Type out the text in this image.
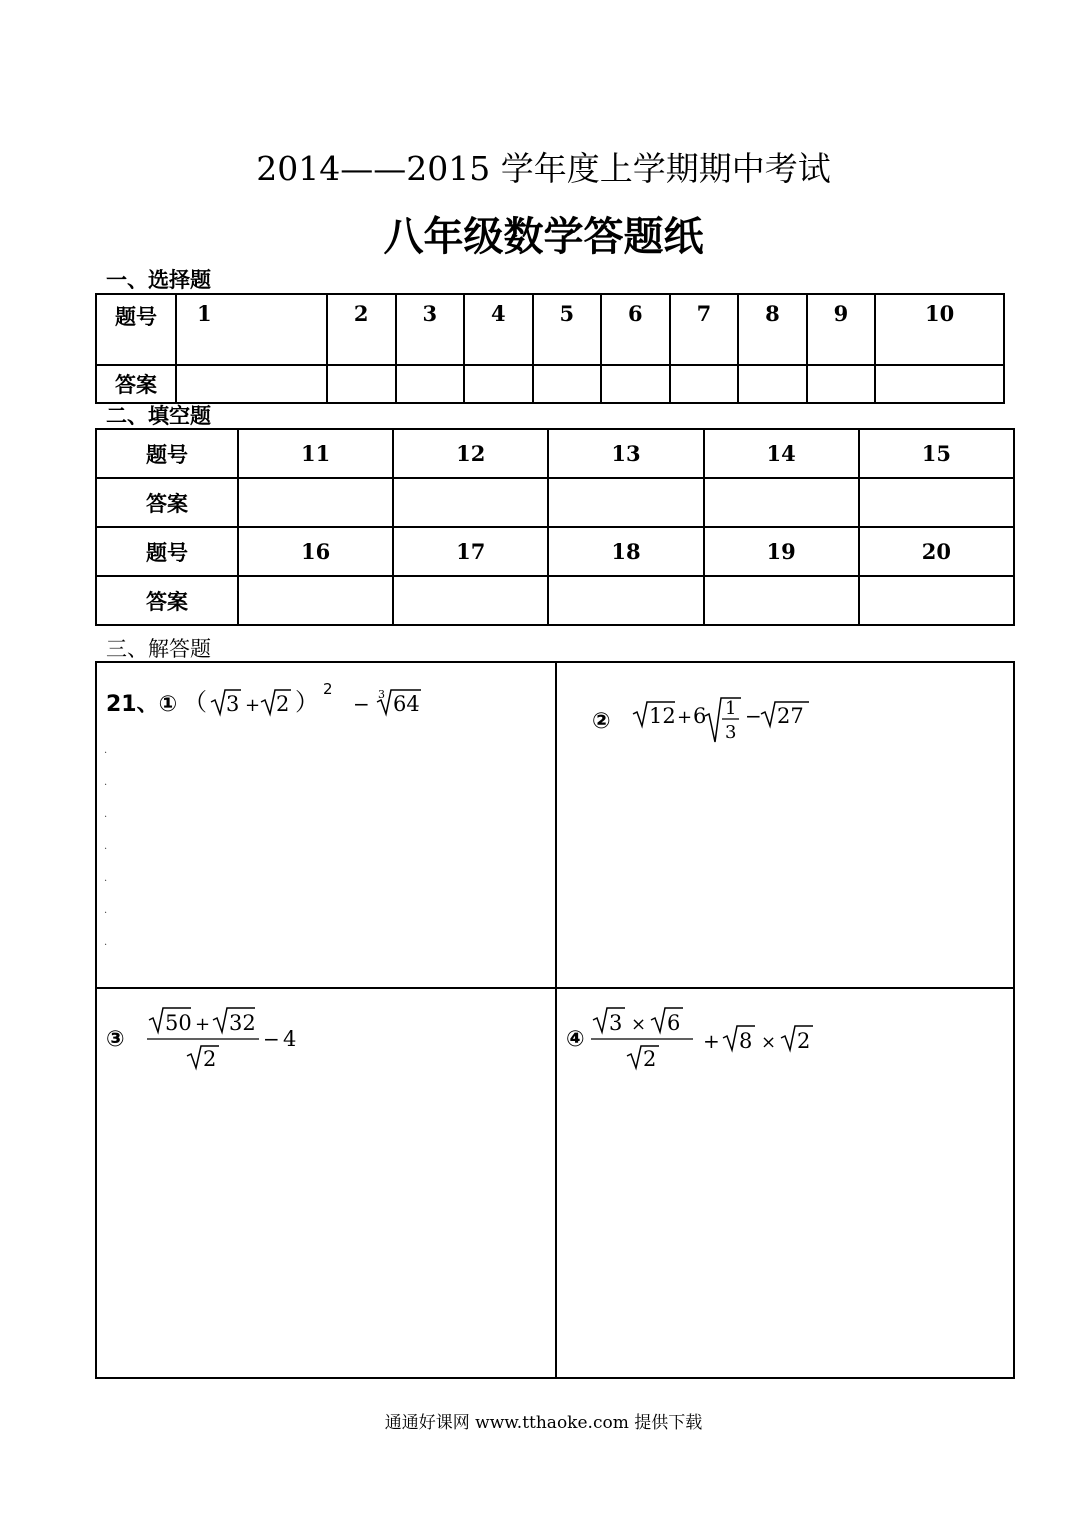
2014——2015 学年度上学期期中考试
八年级数学答题纸
一、选择题
题号	1	2	3	4	5	6	7	8	9	10
答案										
二、填空题
题号	11	12	13	14	15
答案					
题号	16	17	18	19	20
答案					
三、解答题
21、① （ 3 + 2 ） 2
− 3 64
.
.
.
.
.
.
.
② 12 + 6 1
3
− 27
③
50 + 32
2
− 4	④
3 × 6
2
+ 8 × 2
通通好课网 www.tthaoke.com 提供下载
